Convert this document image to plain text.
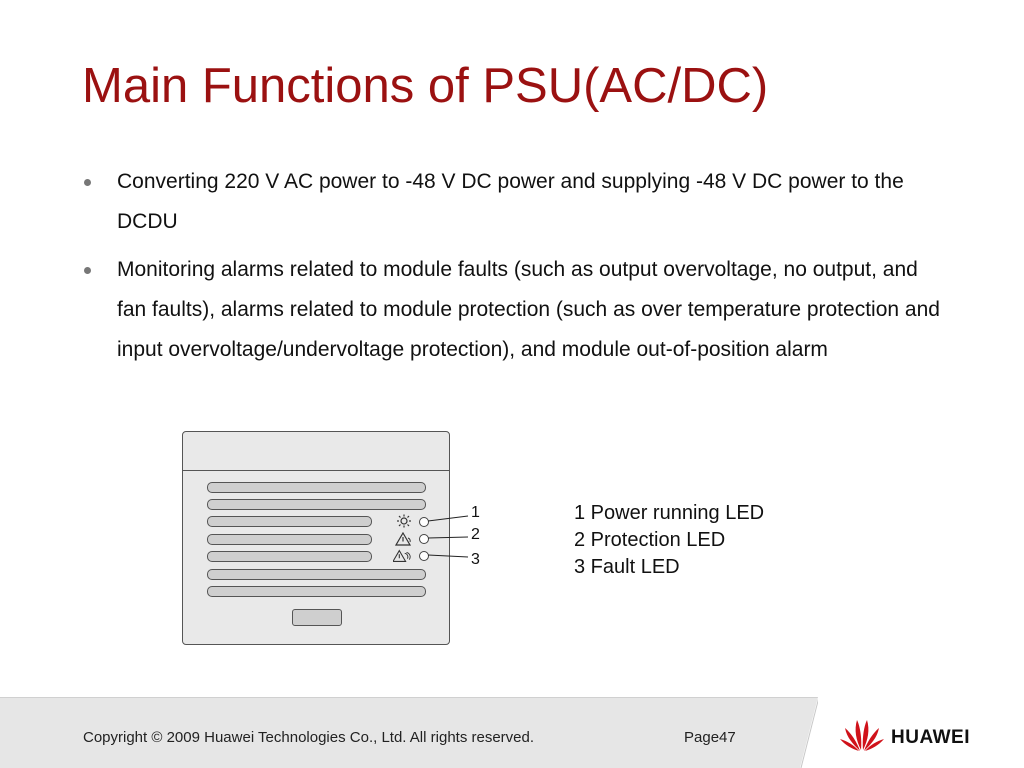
Main Functions of PSU(AC/DC)
Converting 220 V AC power to -48 V DC power and supplying -48 V DC power to the DCDU
Monitoring alarms related to module faults (such as output overvoltage, no output, and fan faults), alarms related to module protection (such as over temperature protection and input overvoltage/undervoltage protection), and module out-of-position alarm
1
2
3
1 Power running LED
2 Protection LED
3 Fault LED
Copyright © 2009 Huawei Technologies Co., Ltd. All rights reserved.	Page47	HUAWEI
